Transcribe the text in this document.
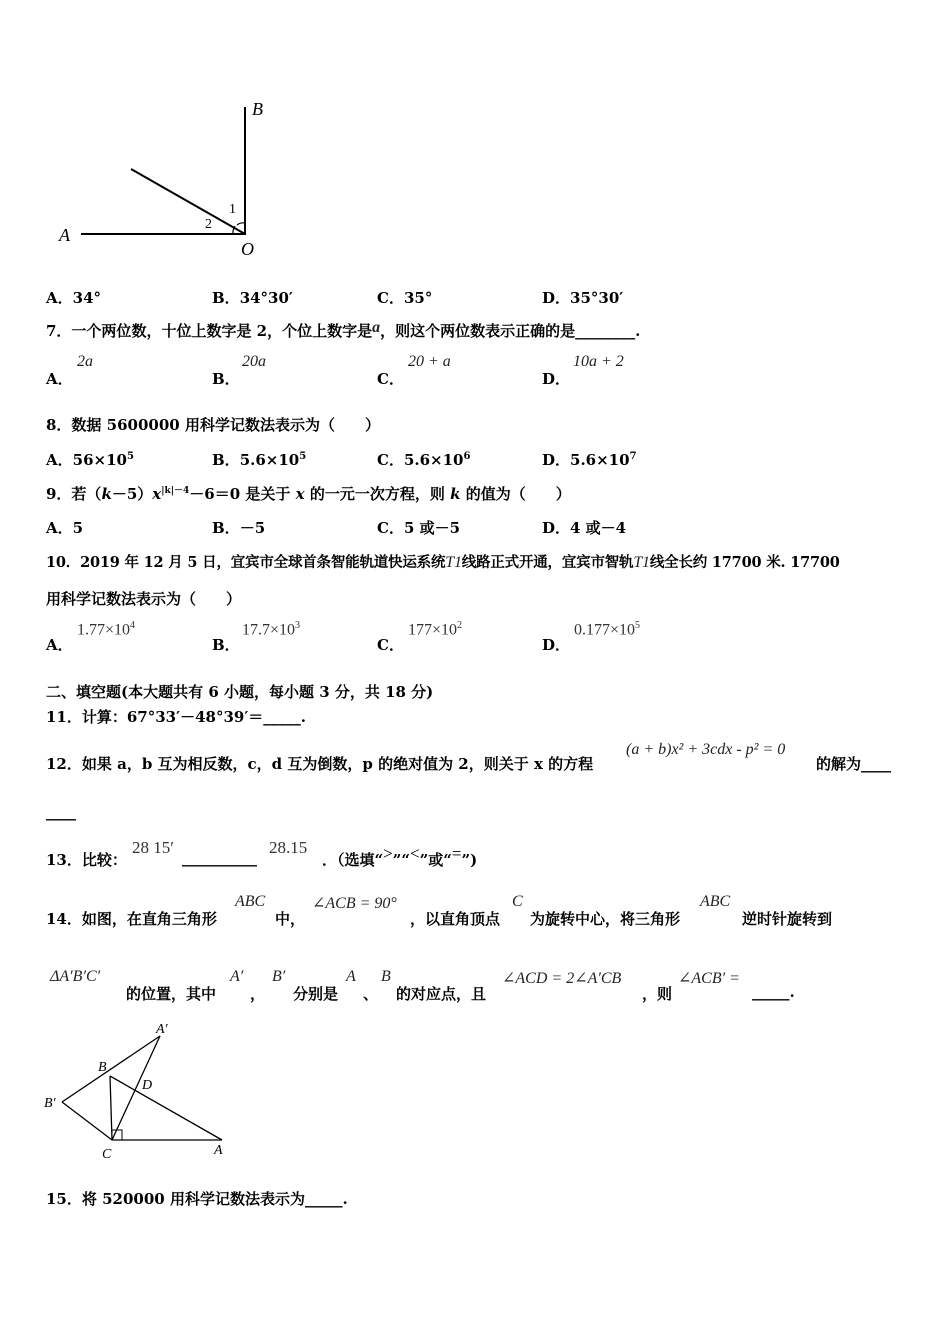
B
A
O
1
2
A．34°	B．34°30′	C．35°	D．35°30′
7．一个两位数，十位上数字是 2，个位上数字是a，则这个两位数表示正确的是________.
A．
2a
B．
20a
C．
20 + a
D．
10a + 2
8．数据 5600000 用科学记数法表示为（　　）
A．$56\times 10^5$	B．$5.6\times 10^5$	C．$5.6\times 10^6$	D．$5.6\times 10^7$
9．若$(k-5)x^{|k|-4}-6=0$ 是关于 x 的一元一次方程，则 k 的值为（　　）
A．5	B．－5	C．5 或－5	D．4 或－4
10．2019 年 12 月 5 日，宜宾市全球首条智能轨道快运系统T1线路正式开通，宜宾市智轨T1线全长约 17700 米. 17700
用科学记数法表示为（　　）
A．
$1.77\times 10^4$
B．
$17.7\times 10^3$
C．
$177\times 10^2$
D．
$0.177\times 10^5$
二、填空题(本大题共有 6 小题，每小题 3 分，共 18 分)
11．计算：67°33′－48°39′＝_____.
12．如果 a，b 互为相反数，c，d 互为倒数，p 的绝对值为 2，则关于 x 的方程
(a + b)x² + 3cdx - p² = 0
的解为____
____
13．比较：
28 15′
__________
28.15
．（选填“>”“<”或“=”)
14．如图，在直角三角形
ABC
中，
∠ACB = 90°
，以直角顶点
C
为旋转中心，将三角形
ABC
逆时针旋转到
ΔA′B′C′
的位置，其中
A′
，
B′
分别是
A
、
B
的对应点，且
∠ACD = 2∠A′CB
，则
∠ACB′ =
_____.
A′
B
D
B′
C	A
15．将 520000 用科学记数法表示为_____.
